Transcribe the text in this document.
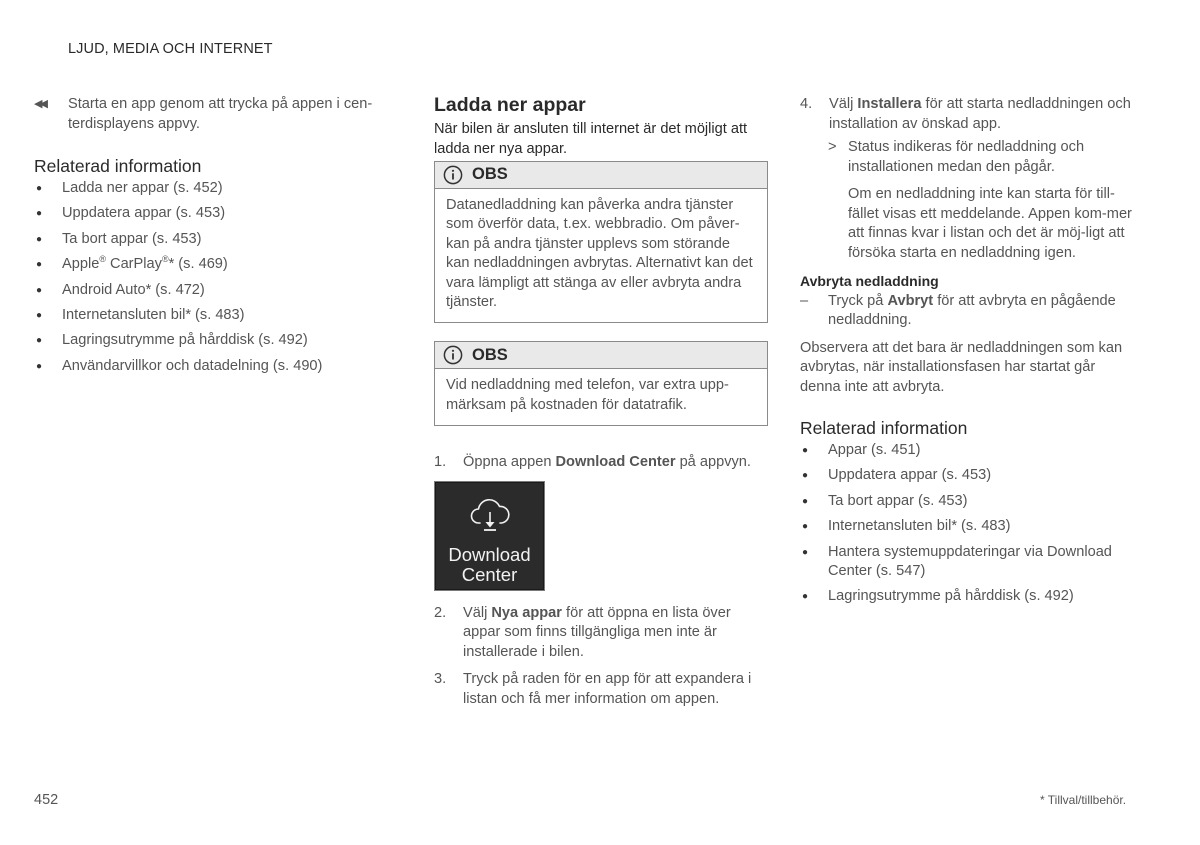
LJUD, MEDIA OCH INTERNET
◀◀ Starta en app genom att trycka på appen i cen-terdisplayens appvy.
Relaterad information
● Ladda ner appar (s. 452)
● Uppdatera appar (s. 453)
● Ta bort appar (s. 453)
● Apple® CarPlay®* (s. 469)
● Android Auto* (s. 472)
● Internetansluten bil* (s. 483)
● Lagringsutrymme på hårddisk (s. 492)
● Användarvillkor och datadelning (s. 490)
Ladda ner appar
När bilen är ansluten till internet är det möjligt att ladda ner nya appar.
OBS
Datanedladdning kan påverka andra tjänster som överför data, t.ex. webbradio. Om påver-kan på andra tjänster upplevs som störande kan nedladdningen avbrytas. Alternativt kan det vara lämpligt att stänga av eller avbryta andra tjänster.
OBS
Vid nedladdning med telefon, var extra upp-märksam på kostnaden för datatrafik.
1. Öppna appen Download Center på appvyn.
Download
Center
2. Välj Nya appar för att öppna en lista över appar som finns tillgängliga men inte är installerade i bilen.
3. Tryck på raden för en app för att expandera i listan och få mer information om appen.
4. Välj Installera för att starta nedladdningen och installation av önskad app.
> Status indikeras för nedladdning och installationen medan den pågår.
Om en nedladdning inte kan starta för till-fället visas ett meddelande. Appen kom-mer att finnas kvar i listan och det är möj-ligt att försöka starta en nedladdning igen.
Avbryta nedladdning
– Tryck på Avbryt för att avbryta en pågående nedladdning.
Observera att det bara är nedladdningen som kan avbrytas, när installationsfasen har startat går denna inte att avbryta.
Relaterad information
● Appar (s. 451)
● Uppdatera appar (s. 453)
● Ta bort appar (s. 453)
● Internetansluten bil* (s. 483)
● Hantera systemuppdateringar via Download Center (s. 547)
● Lagringsutrymme på hårddisk (s. 492)
452	* Tillval/tillbehör.
